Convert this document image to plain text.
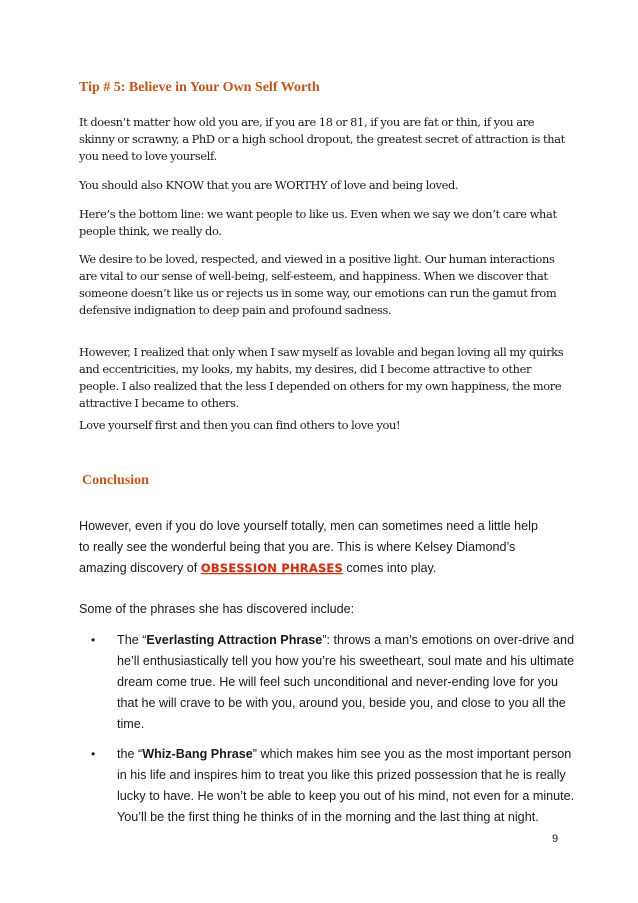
Tip # 5: Believe in Your Own Self Worth

It doesn’t matter how old you are, if you are 18 or 81, if you are fat or thin, if you are skinny or scrawny, a PhD or a high school dropout, the greatest secret of attraction is that you need to love yourself.

You should also KNOW that you are WORTHY of love and being loved.

Here’s the bottom line: we want people to like us. Even when we say we don’t care what people think, we really do.

We desire to be loved, respected, and viewed in a positive light. Our human interactions are vital to our sense of well-being, self-esteem, and happiness. When we discover that someone doesn’t like us or rejects us in some way, our emotions can run the gamut from defensive indignation to deep pain and profound sadness.

However, I realized that only when I saw myself as lovable and began loving all my quirks and eccentricities, my looks, my habits, my desires, did I become attractive to other people. I also realized that the less I depended on others for my own happiness, the more attractive I became to others.

Love yourself first and then you can find others to love you!

Conclusion

However, even if you do love yourself totally, men can sometimes need a little help to really see the wonderful being that you are. This is where Kelsey Diamond’s amazing discovery of OBSESSION PHRASES comes into play.

Some of the phrases she has discovered include:

• The “Everlasting Attraction Phrase”: throws a man’s emotions on over-drive and he’ll enthusiastically tell you how you’re his sweetheart, soul mate and his ultimate dream come true. He will feel such unconditional and never-ending love for you that he will crave to be with you, around you, beside you, and close to you all the time.
• the “Whiz-Bang Phrase” which makes him see you as the most important person in his life and inspires him to treat you like this prized possession that he is really lucky to have. He won’t be able to keep you out of his mind, not even for a minute. You’ll be the first thing he thinks of in the morning and the last thing at night.
9
